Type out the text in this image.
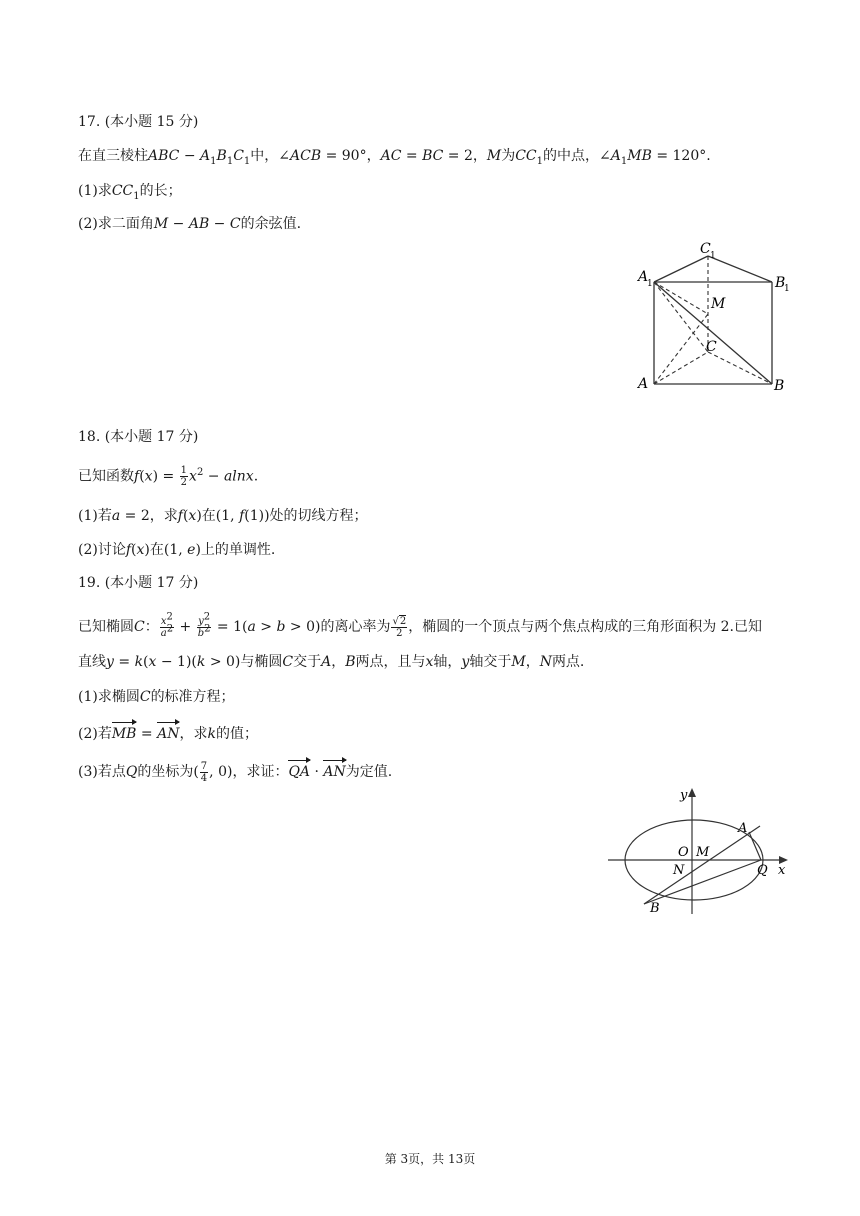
17. (本小题 15 分)
在直三棱柱ABC − $A_1B_1C_1$中，∠ACB = 90°，AC = BC = 2，M为$CC_1$的中点，$\angle A_1MB = 120^\circ$.
(1)求$CC_1$的长；
(2)求二面角M − AB − C的余弦值.
A
1
C 1
B
1
M
C
A	B
18. (本小题 17 分)
已知函数$f(x) = \frac{1}{2} x^2 - alnx$.
(1)若a = 2，求f(x)在(1, f(1))处的切线方程；
(2)讨论f(x)在(1, e)上的单调性.
19. (本小题 17 分)
已知椭圆C： $\frac{x^2}{a^2} + \frac{y^2}{b^2} = 1(a > b > 0)$的离心率为 $\frac{√2}{2}$ ，椭圆的一个顶点与两个焦点构成的三角形面积为 2.已知
直线y = k(x − 1)(k > 0)与椭圆C交于A，B两点，且与x轴，y轴交于M，N两点.
(1)求椭圆C的标准方程；
(2)若MB = AN，求k的值；
(3)若点Q的坐标为( $\frac{7}{4}$ , 0)，求证：QA · AN为定值.
y
A
O M
N	Q x
B
第 3页，共 13页
